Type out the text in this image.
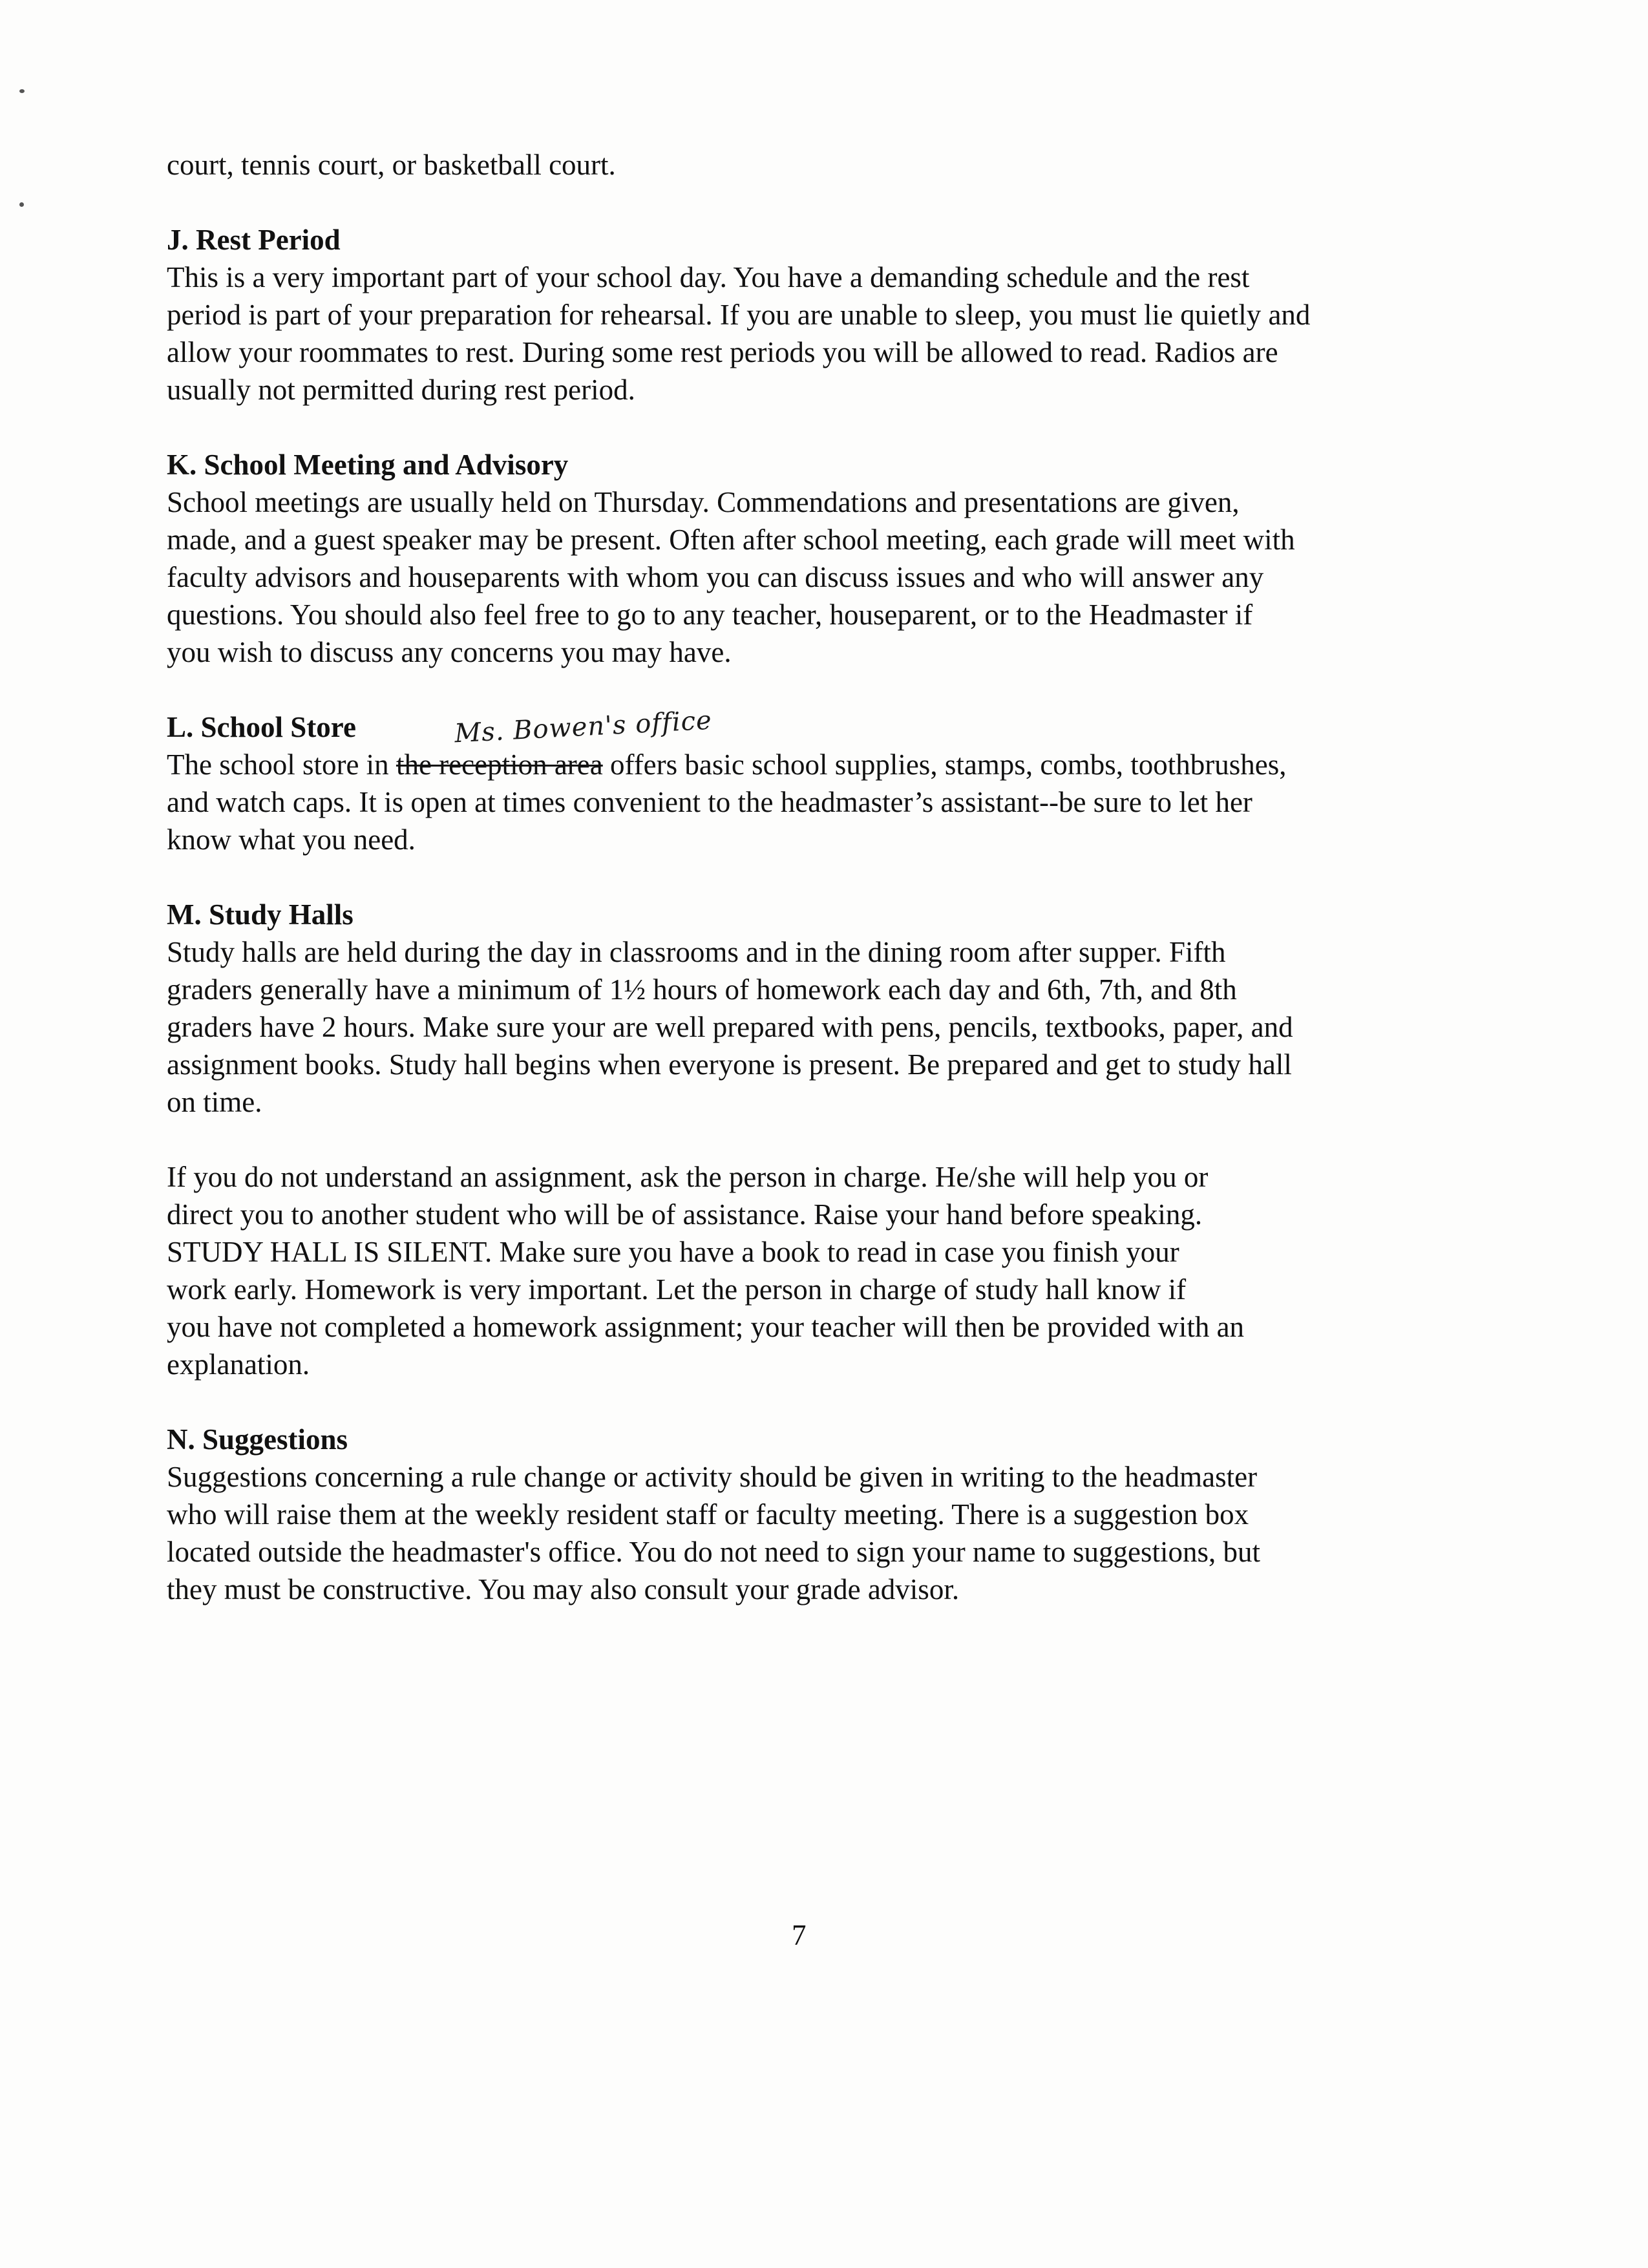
court, tennis court, or basketball court.
J. Rest Period
This is a very important part of your school day. You have a demanding schedule and the rest
period is part of your preparation for rehearsal. If you are unable to sleep, you must lie quietly and
allow your roommates to rest. During some rest periods you will be allowed to read. Radios are
usually not permitted during rest period.
K. School Meeting and Advisory
School meetings are usually held on Thursday. Commendations and presentations are given,
made, and a guest speaker may be present. Often after school meeting, each grade will meet with
faculty advisors and houseparents with whom you can discuss issues and who will answer any
questions. You should also feel free to go to any teacher, houseparent, or to the Headmaster if
you wish to discuss any concerns you may have.
L. School Store	Ms. Bowen's office
The school store in the reception area offers basic school supplies, stamps, combs, toothbrushes,
and watch caps. It is open at times convenient to the headmaster’s assistant--be sure to let her
know what you need.
M. Study Halls
Study halls are held during the day in classrooms and in the dining room after supper. Fifth
graders generally have a minimum of 1½ hours of homework each day and 6th, 7th, and 8th
graders have 2 hours. Make sure your are well prepared with pens, pencils, textbooks, paper, and
assignment books. Study hall begins when everyone is present. Be prepared and get to study hall
on time.
If you do not understand an assignment, ask the person in charge. He/she will help you or
direct you to another student who will be of assistance. Raise your hand before speaking.
STUDY HALL IS SILENT. Make sure you have a book to read in case you finish your
work early. Homework is very important. Let the person in charge of study hall know if
you have not completed a homework assignment; your teacher will then be provided with an
explanation.
N. Suggestions
Suggestions concerning a rule change or activity should be given in writing to the headmaster
who will raise them at the weekly resident staff or faculty meeting. There is a suggestion box
located outside the headmaster's office. You do not need to sign your name to suggestions, but
they must be constructive. You may also consult your grade advisor.
7
